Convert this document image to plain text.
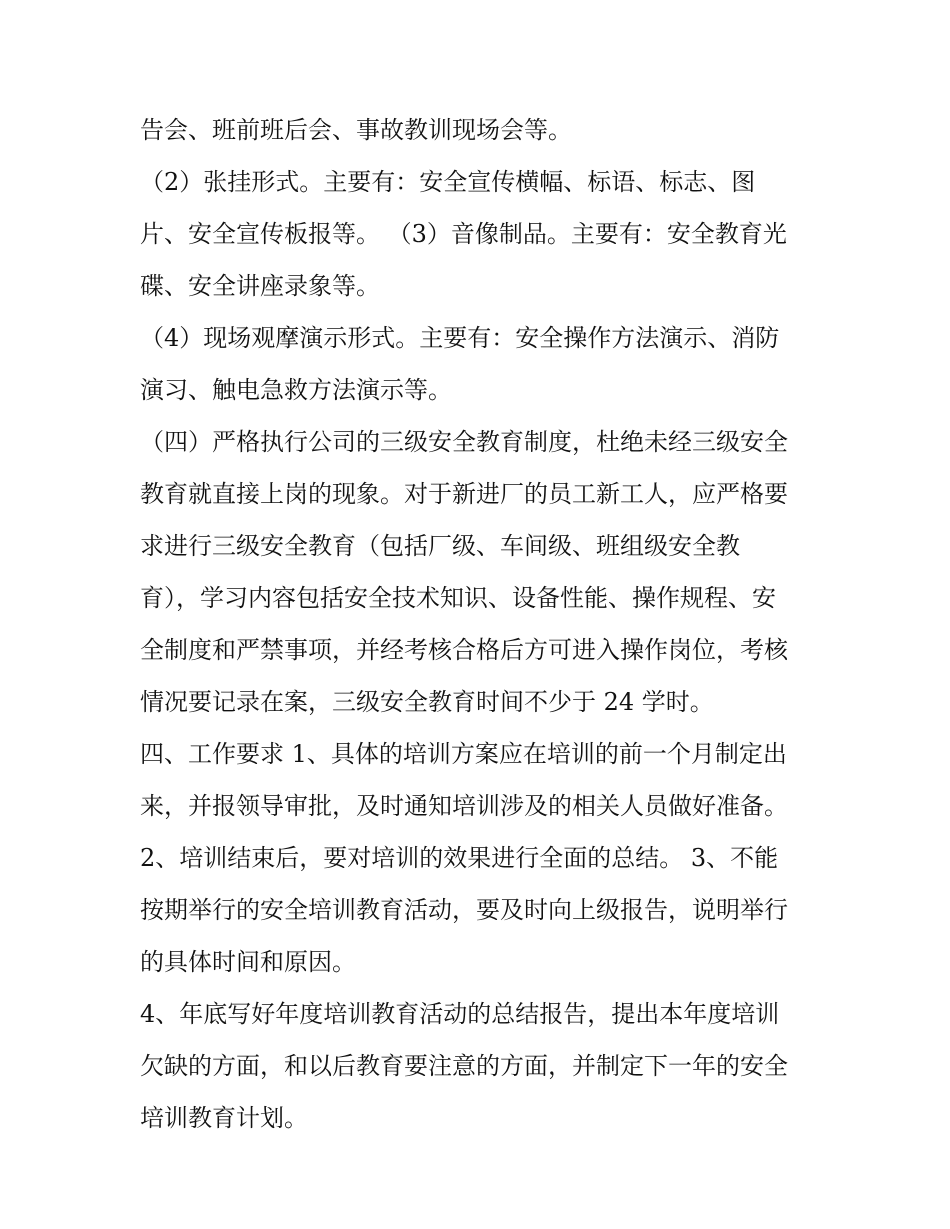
告会、班前班后会、事故教训现场会等。

（2）张挂形式。主要有：安全宣传横幅、标语、标志、图

片、安全宣传板报等。 （3）音像制品。主要有：安全教育光

碟、安全讲座录象等。

（4）现场观摩演示形式。主要有：安全操作方法演示、消防

演习、触电急救方法演示等。

（四）严格执行公司的三级安全教育制度，杜绝未经三级安全

教育就直接上岗的现象。对于新进厂的员工新工人，应严格要

求进行三级安全教育（包括厂级、车间级、班组级安全教

育），学习内容包括安全技术知识、设备性能、操作规程、安

全制度和严禁事项，并经考核合格后方可进入操作岗位，考核

情况要记录在案，三级安全教育时间不少于 24 学时。

四、工作要求 1、具体的培训方案应在培训的前一个月制定出

来，并报领导审批，及时通知培训涉及的相关人员做好准备。

2、培训结束后，要对培训的效果进行全面的总结。 3、不能

按期举行的安全培训教育活动，要及时向上级报告，说明举行

的具体时间和原因。

4、年底写好年度培训教育活动的总结报告，提出本年度培训

欠缺的方面，和以后教育要注意的方面，并制定下一年的安全

培训教育计划。
